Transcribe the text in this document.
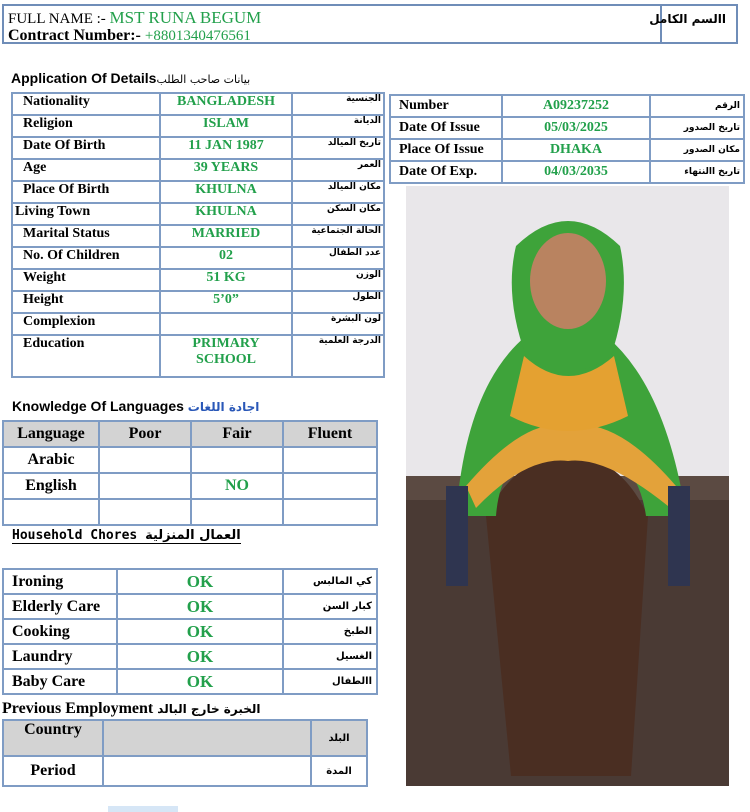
FULL NAME :- MST RUNA BEGUM
Contract Number:- +8801340476561
االسم الكامل
Application Of Detailsبيانات صاحب الطلب
Nationality	BANGLADESH	الجنسية
Religion	ISLAM	الديانة
Date Of Birth	11 JAN 1987	تاريخ الميالد
Age	39 YEARS	العمر
Place Of Birth	KHULNA	مكان الميالد
Living Town	KHULNA	مكان السكن
Marital Status	MARRIED	الحالة الجتماعية
No. Of Children	02	عدد الطفال
Weight	51 KG	الوزن
Height	5’0”	الطول
Complexion		لون البشرة
Education	PRIMARY SCHOOL	الدرجة العلمية
Number	A09237252	الرقم
Date Of Issue	05/03/2025	تاريخ الصدور
Place Of Issue	DHAKA	مكان الصدور
Date Of Exp.	04/03/2035	تاريخ االنتهاء
Knowledge Of Languages اجادة اللغات
Language	Poor	Fair	Fluent
Arabic			
English		NO	

Household Chores العمال المنزلية
Ironing	OK	كي المالبس
Elderly Care	OK	كبار السن
Cooking	OK	الطبخ
Laundry	OK	الغسيل
Baby Care	OK	االطفال
Previous Employment الخبرة خارج البالد
Country		البلد
Period		المدة
